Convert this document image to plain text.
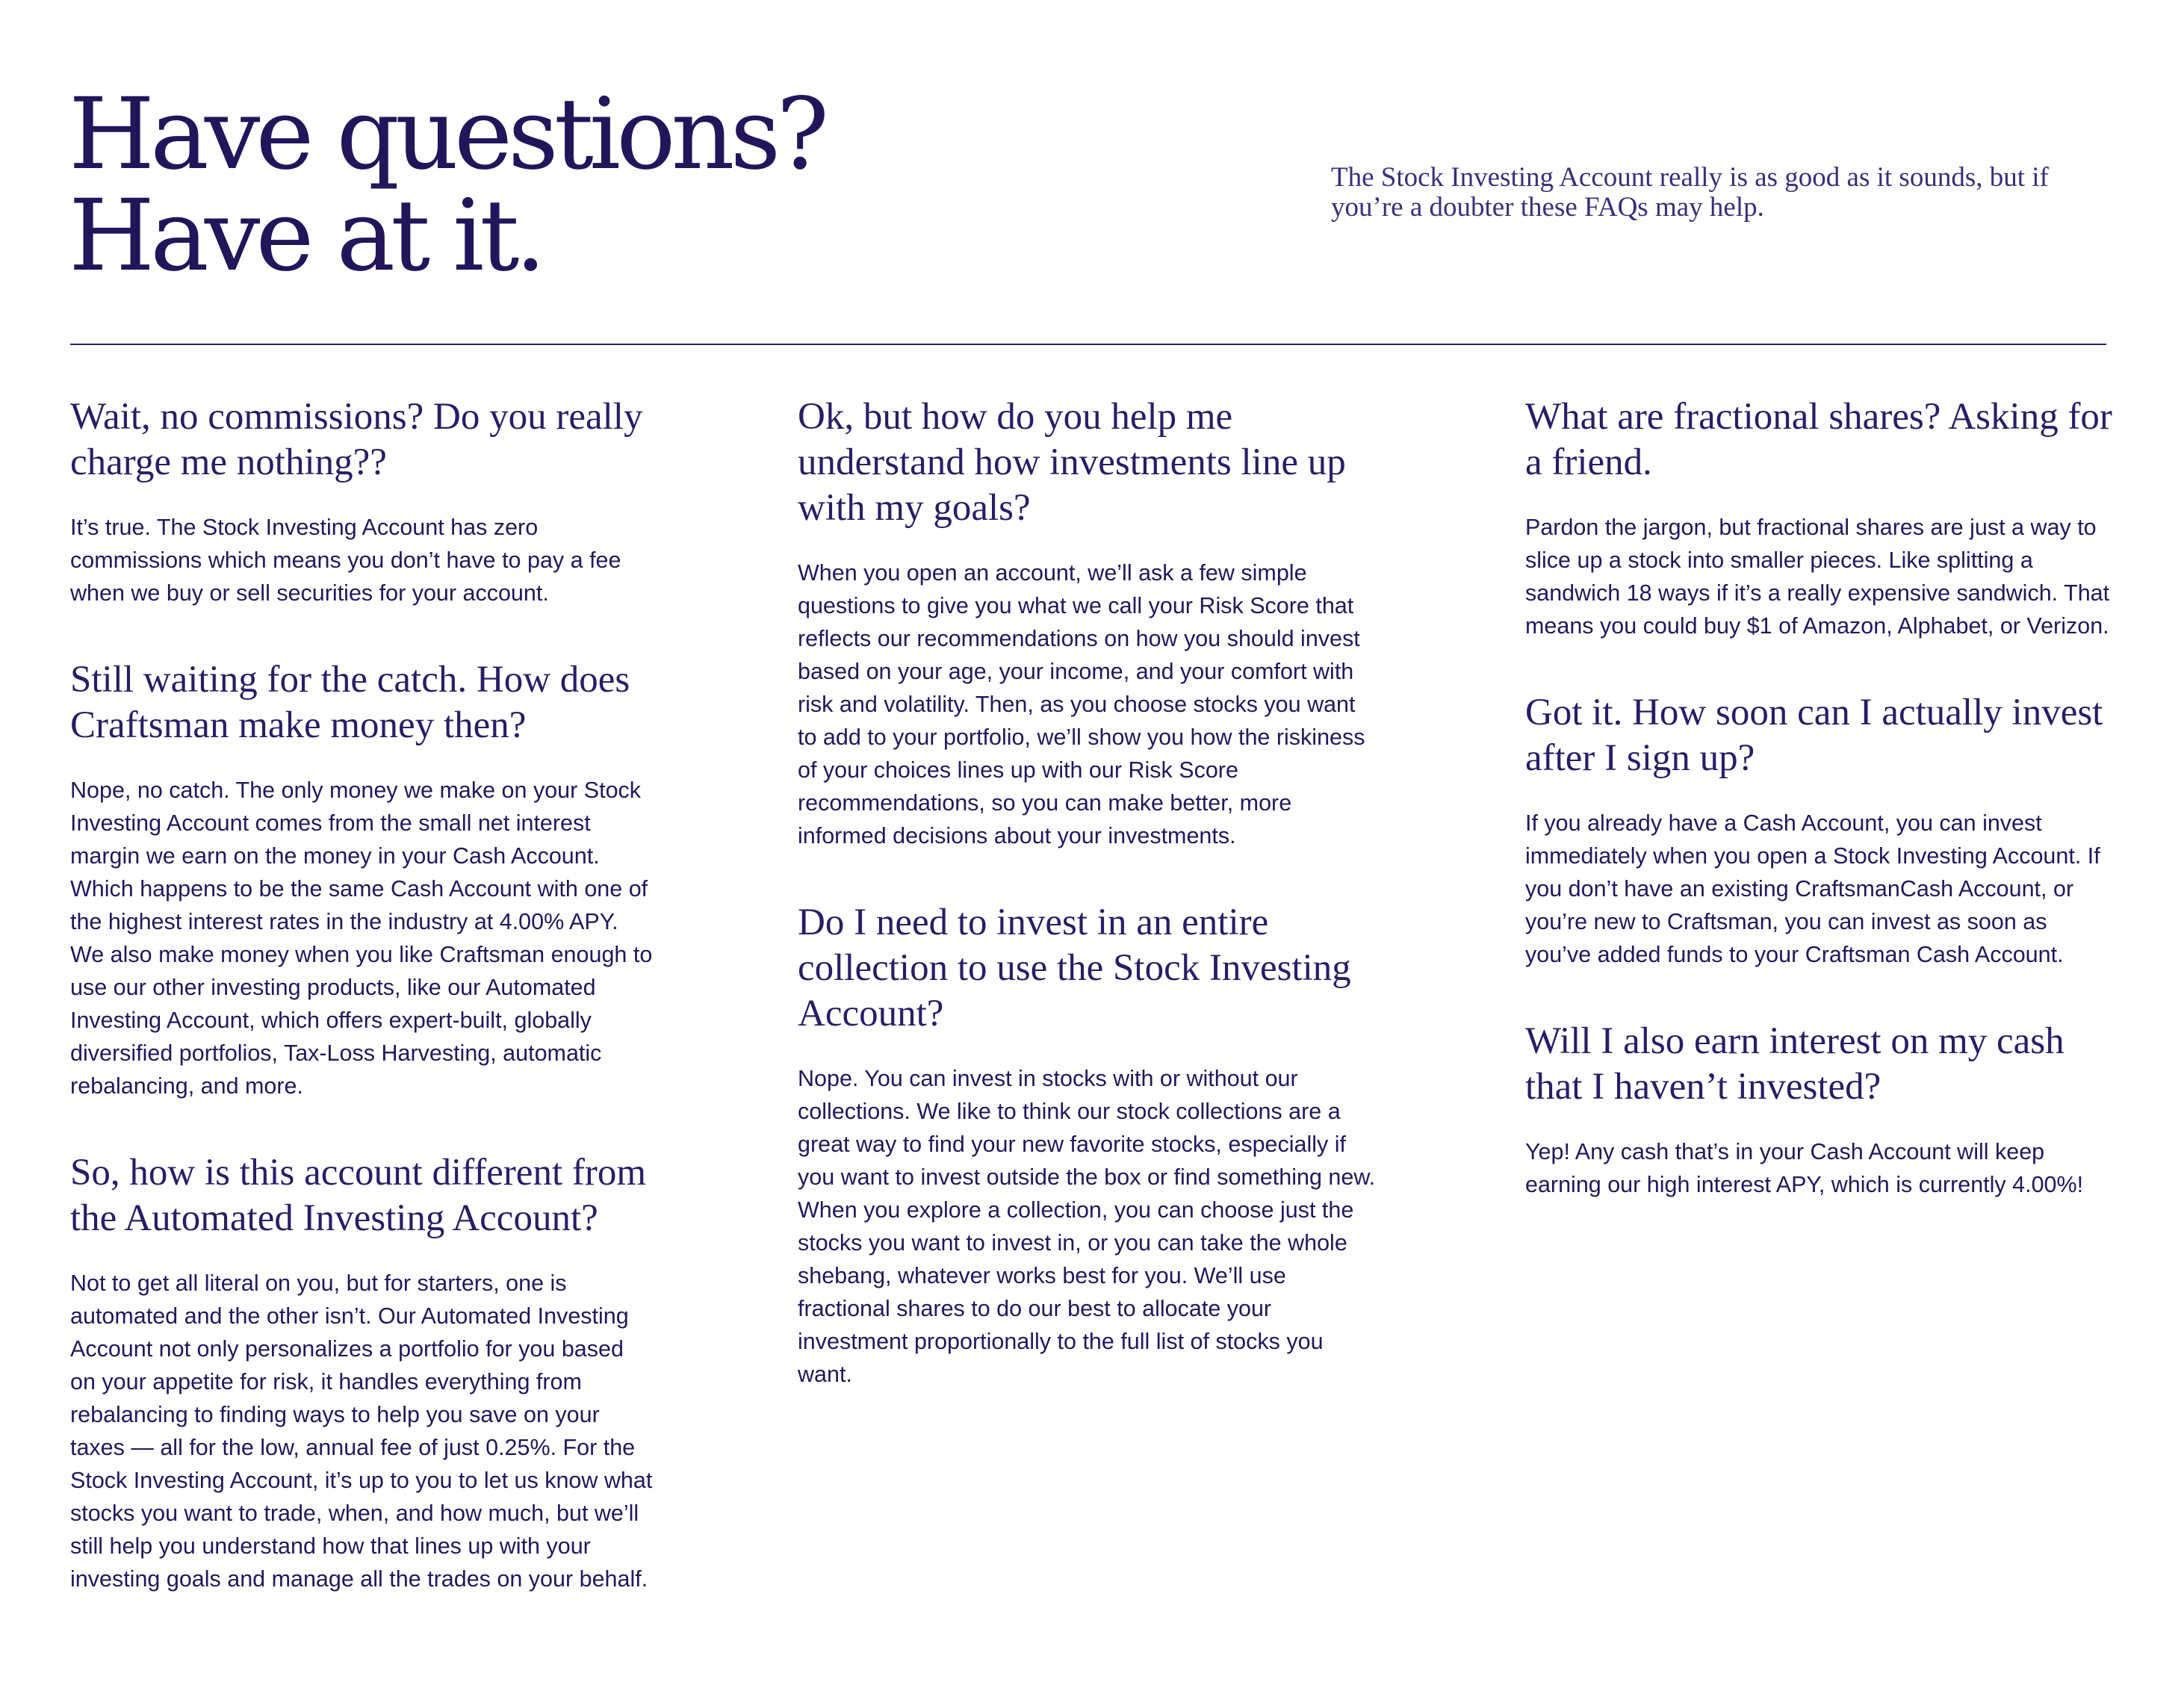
Have questions?
Have at it.

The Stock Investing Account really is as good as it sounds, but if you’re a doubter these FAQs may help.

Wait, no commissions? Do you really charge me nothing??

It’s true. The Stock Investing Account has zero commissions which means you don’t have to pay a fee when we buy or sell securities for your account.

Still waiting for the catch. How does Craftsman make money then?

Nope, no catch. The only money we make on your Stock Investing Account comes from the small net interest margin we earn on the money in your Cash Account. Which happens to be the same Cash Account with one of the highest interest rates in the industry at 4.00% APY. We also make money when you like Craftsman enough to use our other investing products, like our Automated Investing Account, which offers expert-built, globally diversified portfolios, Tax-Loss Harvesting, automatic rebalancing, and more.

So, how is this account different from the Automated Investing Account?

Not to get all literal on you, but for starters, one is automated and the other isn’t. Our Automated Investing Account not only personalizes a portfolio for you based on your appetite for risk, it handles everything from rebalancing to finding ways to help you save on your taxes — all for the low, annual fee of just 0.25%. For the Stock Investing Account, it’s up to you to let us know what stocks you want to trade, when, and how much, but we’ll still help you understand how that lines up with your investing goals and manage all the trades on your behalf.

Ok, but how do you help me understand how investments line up with my goals?

When you open an account, we’ll ask a few simple questions to give you what we call your Risk Score that reflects our recommendations on how you should invest based on your age, your income, and your comfort with risk and volatility. Then, as you choose stocks you want to add to your portfolio, we’ll show you how the riskiness of your choices lines up with our Risk Score recommendations, so you can make better, more informed decisions about your investments.

Do I need to invest in an entire collection to use the Stock Investing Account?

Nope. You can invest in stocks with or without our collections. We like to think our stock collections are a great way to find your new favorite stocks, especially if you want to invest outside the box or find something new. When you explore a collection, you can choose just the stocks you want to invest in, or you can take the whole shebang, whatever works best for you. We’ll use fractional shares to do our best to allocate your investment proportionally to the full list of stocks you want.

What are fractional shares? Asking for a friend.

Pardon the jargon, but fractional shares are just a way to slice up a stock into smaller pieces. Like splitting a sandwich 18 ways if it’s a really expensive sandwich. That means you could buy $1 of Amazon, Alphabet, or Verizon.

Got it. How soon can I actually invest after I sign up?

If you already have a Cash Account, you can invest immediately when you open a Stock Investing Account. If you don’t have an existing CraftsmanCash Account, or you’re new to Craftsman, you can invest as soon as you’ve added funds to your Craftsman Cash Account.

Will I also earn interest on my cash that I haven’t invested?

Yep! Any cash that’s in your Cash Account will keep earning our high interest APY, which is currently 4.00%!
